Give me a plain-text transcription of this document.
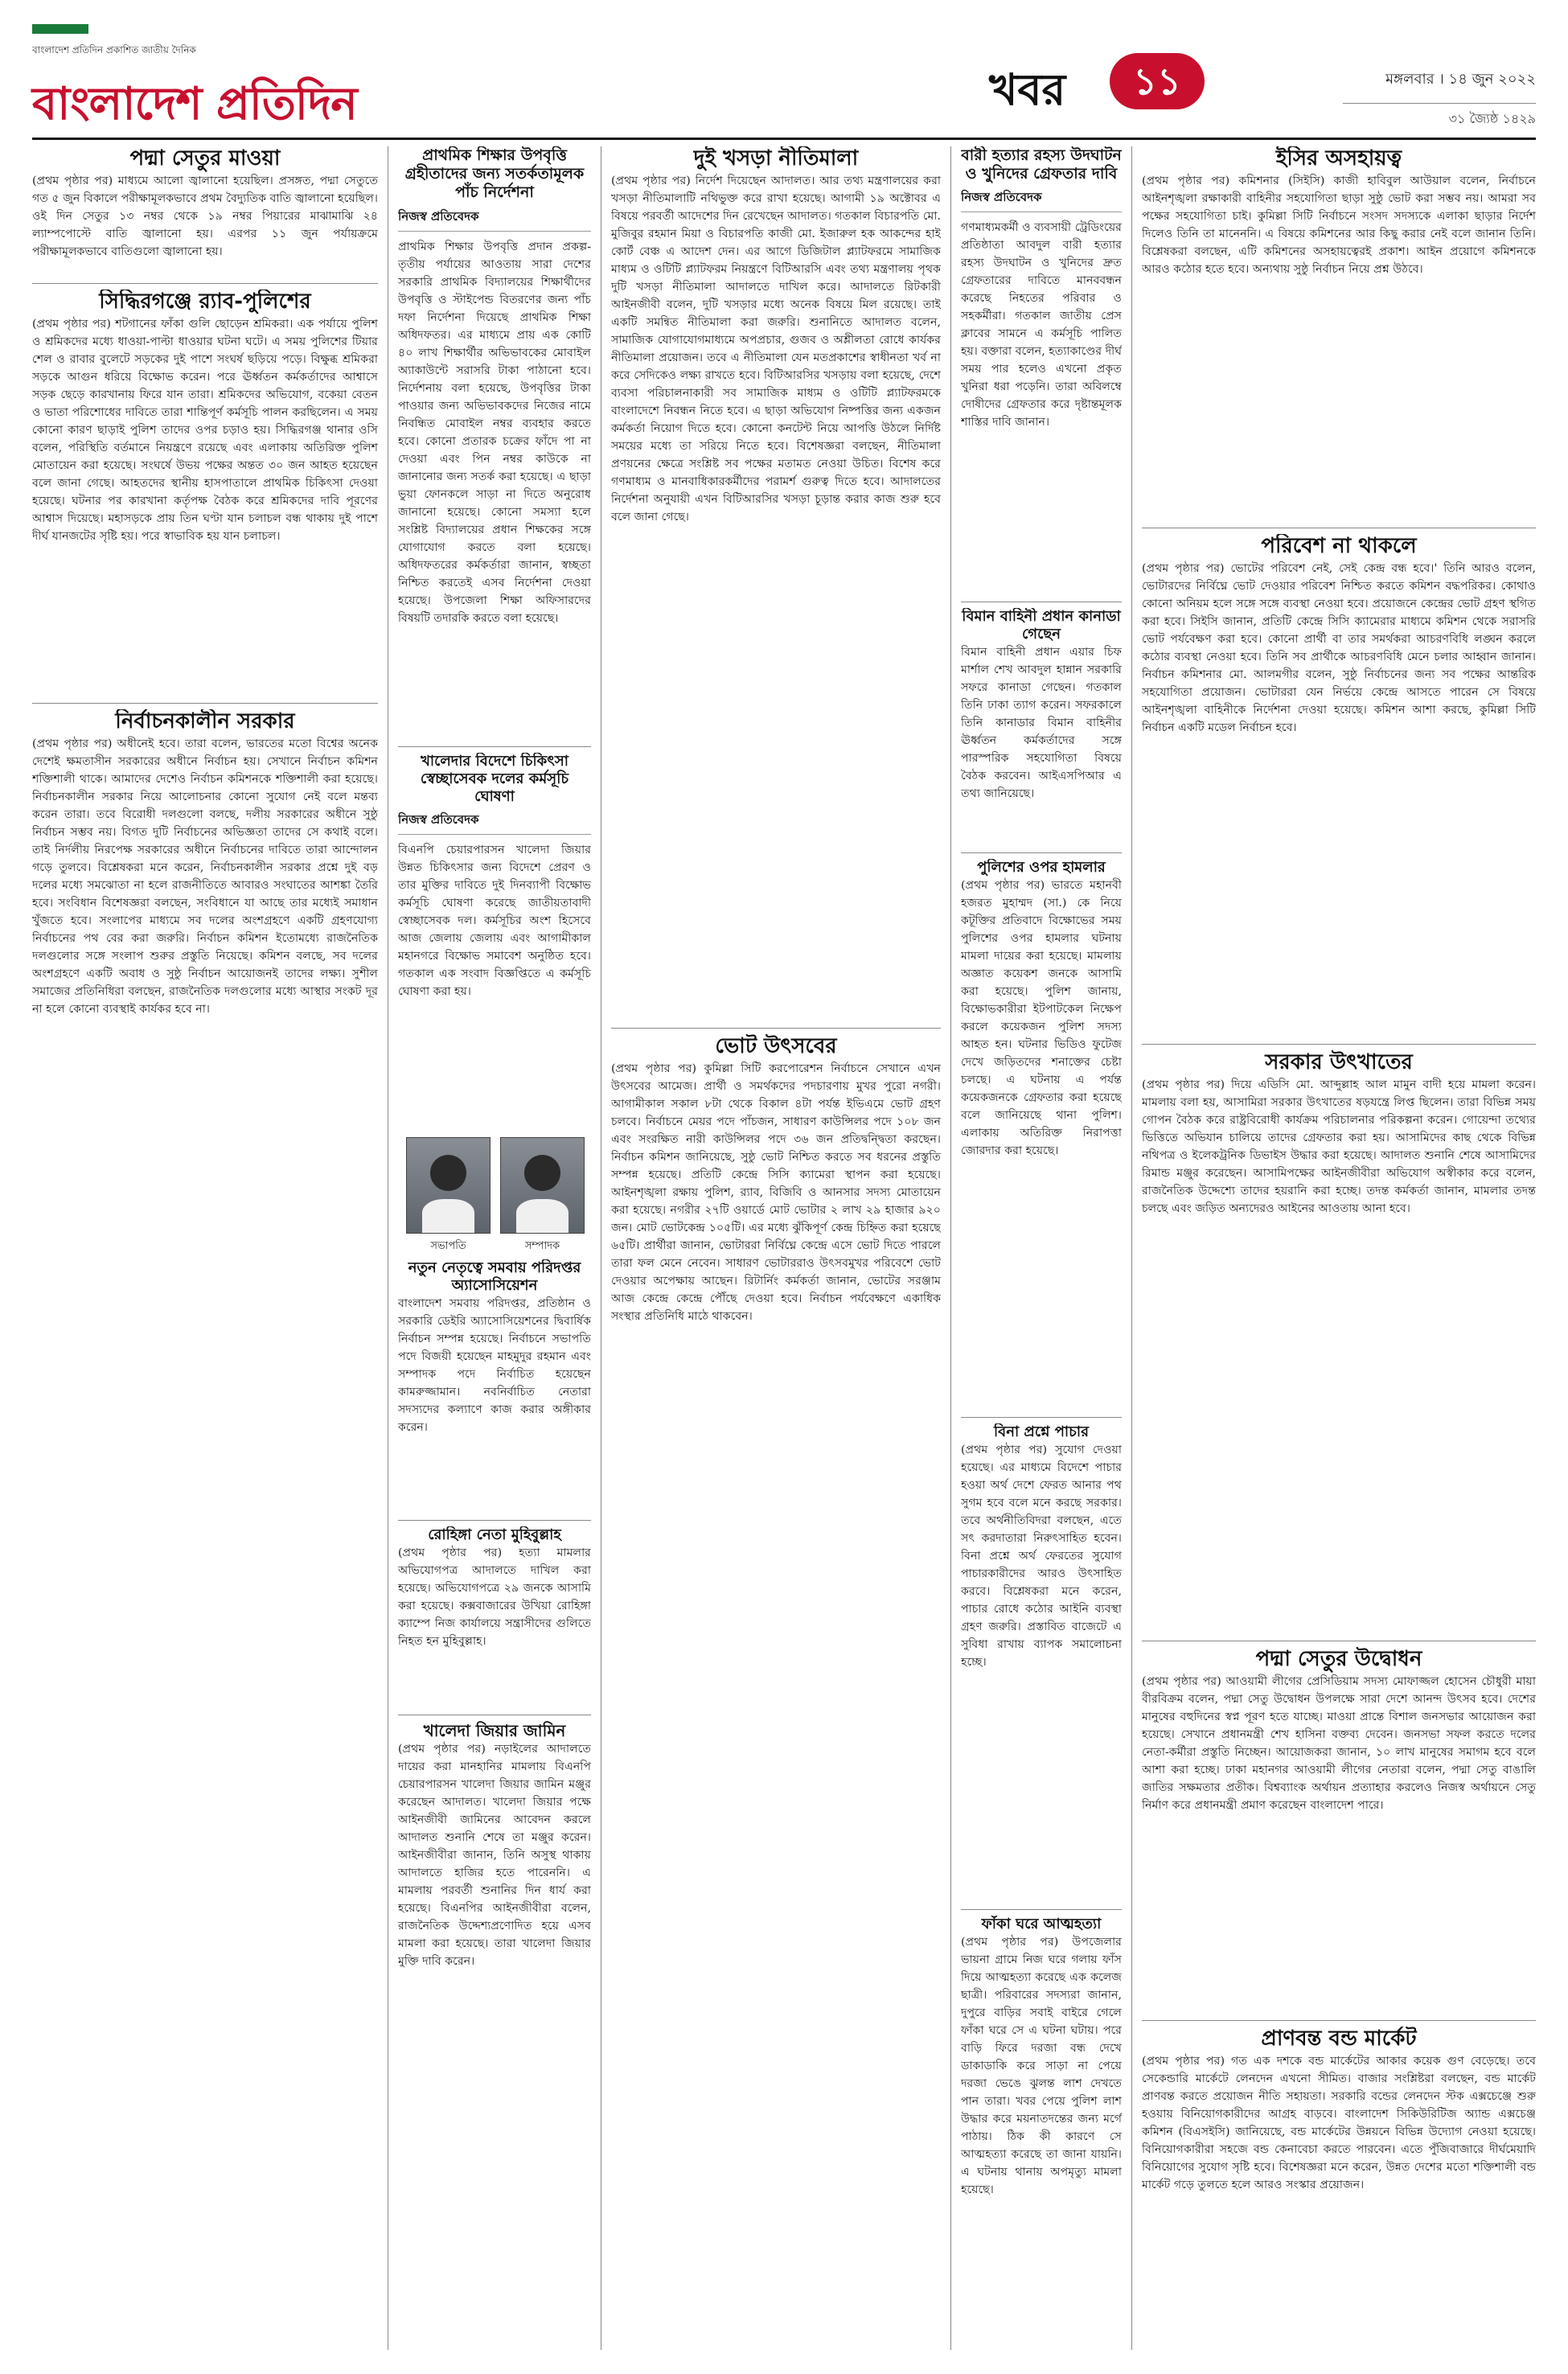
বাংলাদেশ প্রতিদিন প্রকাশিত জাতীয় দৈনিক
বাংলাদেশ প্রতিদিন	খবর	১১	মঙ্গলবার । ১৪ জুন ২০২২
৩১ জ্যৈষ্ঠ ১৪২৯
পদ্মা সেতুর মাওয়া

(প্রথম পৃষ্ঠার পর) মাধ্যমে আলো জ্বালানো হয়েছিল। প্রসঙ্গত, পদ্মা সেতুতে গত ৫ জুন বিকালে পরীক্ষামূলকভাবে প্রথম বৈদ্যুতিক বাতি জ্বালানো হয়েছিল। ওই দিন সেতুর ১৩ নম্বর থেকে ১৯ নম্বর পিয়ারের মাঝামাঝি ২৪ ল্যাম্পপোস্টে বাতি জ্বালানো হয়। এরপর ১১ জুন পর্যায়ক্রমে পরীক্ষামূলকভাবে বাতিগুলো জ্বালানো হয়।

সিদ্ধিরগঞ্জে র‍্যাব-পুলিশের

(প্রথম পৃষ্ঠার পর) শটগানের ফাঁকা গুলি ছোড়েন শ্রমিকরা। এক পর্যায়ে পুলিশ ও শ্রমিকদের মধ্যে ধাওয়া-পাল্টা ধাওয়ার ঘটনা ঘটে। এ সময় পুলিশের টিয়ার শেল ও রাবার বুলেটে সড়কের দুই পাশে সংঘর্ষ ছড়িয়ে পড়ে। বিক্ষুব্ধ শ্রমিকরা সড়কে আগুন ধরিয়ে বিক্ষোভ করেন। পরে ঊর্ধ্বতন কর্মকর্তাদের আশ্বাসে সড়ক ছেড়ে কারখানায় ফিরে যান তারা। শ্রমিকদের অভিযোগ, বকেয়া বেতন ও ভাতা পরিশোধের দাবিতে তারা শান্তিপূর্ণ কর্মসূচি পালন করছিলেন। এ সময় কোনো কারণ ছাড়াই পুলিশ তাদের ওপর চড়াও হয়। সিদ্ধিরগঞ্জ থানার ওসি বলেন, পরিস্থিতি বর্তমানে নিয়ন্ত্রণে রয়েছে এবং এলাকায় অতিরিক্ত পুলিশ মোতায়েন করা হয়েছে। সংঘর্ষে উভয় পক্ষের অন্তত ৩০ জন আহত হয়েছেন বলে জানা গেছে। আহতদের স্থানীয় হাসপাতালে প্রাথমিক চিকিৎসা দেওয়া হয়েছে। ঘটনার পর কারখানা কর্তৃপক্ষ বৈঠক করে শ্রমিকদের দাবি পূরণের আশ্বাস দিয়েছে। মহাসড়কে প্রায় তিন ঘণ্টা যান চলাচল বন্ধ থাকায় দুই পাশে দীর্ঘ যানজটের সৃষ্টি হয়। পরে স্বাভাবিক হয় যান চলাচল।

নির্বাচনকালীন সরকার

(প্রথম পৃষ্ঠার পর) অধীনেই হবে। তারা বলেন, ভারতের মতো বিশ্বের অনেক দেশেই ক্ষমতাসীন সরকারের অধীনে নির্বাচন হয়। সেখানে নির্বাচন কমিশন শক্তিশালী থাকে। আমাদের দেশেও নির্বাচন কমিশনকে শক্তিশালী করা হয়েছে। নির্বাচনকালীন সরকার নিয়ে আলোচনার কোনো সুযোগ নেই বলে মন্তব্য করেন তারা। তবে বিরোধী দলগুলো বলছে, দলীয় সরকারের অধীনে সুষ্ঠু নির্বাচন সম্ভব নয়। বিগত দুটি নির্বাচনের অভিজ্ঞতা তাদের সে কথাই বলে। তাই নির্দলীয় নিরপেক্ষ সরকারের অধীনে নির্বাচনের দাবিতে তারা আন্দোলন গড়ে তুলবে। বিশ্লেষকরা মনে করেন, নির্বাচনকালীন সরকার প্রশ্নে দুই বড় দলের মধ্যে সমঝোতা না হলে রাজনীতিতে আবারও সংঘাতের আশঙ্কা তৈরি হবে। সংবিধান বিশেষজ্ঞরা বলছেন, সংবিধানে যা আছে তার মধ্যেই সমাধান খুঁজতে হবে। সংলাপের মাধ্যমে সব দলের অংশগ্রহণে একটি গ্রহণযোগ্য নির্বাচনের পথ বের করা জরুরি। নির্বাচন কমিশন ইতোমধ্যে রাজনৈতিক দলগুলোর সঙ্গে সংলাপ শুরুর প্রস্তুতি নিয়েছে। কমিশন বলছে, সব দলের অংশগ্রহণে একটি অবাধ ও সুষ্ঠু নির্বাচন আয়োজনই তাদের লক্ষ্য। সুশীল সমাজের প্রতিনিধিরা বলছেন, রাজনৈতিক দলগুলোর মধ্যে আস্থার সংকট দূর না হলে কোনো ব্যবস্থাই কার্যকর হবে না।

প্রাথমিক শিক্ষার উপবৃত্তি গ্রহীতাদের জন্য সতর্কতামূলক পাঁচ নির্দেশনা
নিজস্ব প্রতিবেদক

প্রাথমিক শিক্ষার উপবৃত্তি প্রদান প্রকল্প-তৃতীয় পর্যায়ের আওতায় সারা দেশের সরকারি প্রাথমিক বিদ্যালয়ের শিক্ষার্থীদের উপবৃত্তি ও স্টাইপেন্ড বিতরণের জন্য পাঁচ দফা নির্দেশনা দিয়েছে প্রাথমিক শিক্ষা অধিদফতর। এর মাধ্যমে প্রায় এক কোটি ৪০ লাখ শিক্ষার্থীর অভিভাবকের মোবাইল অ্যাকাউন্টে সরাসরি টাকা পাঠানো হবে। নির্দেশনায় বলা হয়েছে, উপবৃত্তির টাকা পাওয়ার জন্য অভিভাবকদের নিজের নামে নিবন্ধিত মোবাইল নম্বর ব্যবহার করতে হবে। কোনো প্রতারক চক্রের ফাঁদে পা না দেওয়া এবং পিন নম্বর কাউকে না জানানোর জন্য সতর্ক করা হয়েছে। এ ছাড়া ভুয়া ফোনকলে সাড়া না দিতে অনুরোধ জানানো হয়েছে। কোনো সমস্যা হলে সংশ্লিষ্ট বিদ্যালয়ের প্রধান শিক্ষকের সঙ্গে যোগাযোগ করতে বলা হয়েছে। অধিদফতরের কর্মকর্তারা জানান, স্বচ্ছতা নিশ্চিত করতেই এসব নির্দেশনা দেওয়া হয়েছে। উপজেলা শিক্ষা অফিসারদের বিষয়টি তদারকি করতে বলা হয়েছে।

খালেদার বিদেশে চিকিৎসা স্বেচ্ছাসেবক দলের কর্মসূচি ঘোষণা
নিজস্ব প্রতিবেদক

বিএনপি চেয়ারপারসন খালেদা জিয়ার উন্নত চিকিৎসার জন্য বিদেশে প্রেরণ ও তার মুক্তির দাবিতে দুই দিনব্যাপী বিক্ষোভ কর্মসূচি ঘোষণা করেছে জাতীয়তাবাদী স্বেচ্ছাসেবক দল। কর্মসূচির অংশ হিসেবে আজ জেলায় জেলায় এবং আগামীকাল মহানগরে বিক্ষোভ সমাবেশ অনুষ্ঠিত হবে। গতকাল এক সংবাদ বিজ্ঞপ্তিতে এ কর্মসূচি ঘোষণা করা হয়।

সভাপতি	সম্পাদক
নতুন নেতৃত্বে সমবায় পরিদপ্তর অ্যাসোসিয়েশন

বাংলাদেশ সমবায় পরিদপ্তর, প্রতিষ্ঠান ও সরকারি ডেইরি অ্যাসোসিয়েশনের দ্বিবার্ষিক নির্বাচন সম্পন্ন হয়েছে। নির্বাচনে সভাপতি পদে বিজয়ী হয়েছেন মাহমুদুর রহমান এবং সম্পাদক পদে নির্বাচিত হয়েছেন কামরুজ্জামান। নবনির্বাচিত নেতারা সদস্যদের কল্যাণে কাজ করার অঙ্গীকার করেন।

রোহিঙ্গা নেতা মুহিবুল্লাহ

(প্রথম পৃষ্ঠার পর) হত্যা মামলার অভিযোগপত্র আদালতে দাখিল করা হয়েছে। অভিযোগপত্রে ২৯ জনকে আসামি করা হয়েছে। কক্সবাজারের উখিয়া রোহিঙ্গা ক্যাম্পে নিজ কার্যালয়ে সন্ত্রাসীদের গুলিতে নিহত হন মুহিবুল্লাহ।

খালেদা জিয়ার জামিন

(প্রথম পৃষ্ঠার পর) নড়াইলের আদালতে দায়ের করা মানহানির মামলায় বিএনপি চেয়ারপারসন খালেদা জিয়ার জামিন মঞ্জুর করেছেন আদালত। খালেদা জিয়ার পক্ষে আইনজীবী জামিনের আবেদন করলে আদালত শুনানি শেষে তা মঞ্জুর করেন। আইনজীবীরা জানান, তিনি অসুস্থ থাকায় আদালতে হাজির হতে পারেননি। এ মামলায় পরবর্তী শুনানির দিন ধার্য করা হয়েছে। বিএনপির আইনজীবীরা বলেন, রাজনৈতিক উদ্দেশ্যপ্রণোদিত হয়ে এসব মামলা করা হয়েছে। তারা খালেদা জিয়ার মুক্তি দাবি করেন।

দুই খসড়া নীতিমালা

(প্রথম পৃষ্ঠার পর) নির্দেশ দিয়েছেন আদালত। আর তথ্য মন্ত্রণালয়ের করা খসড়া নীতিমালাটি নথিভুক্ত করে রাখা হয়েছে। আগামী ১৯ অক্টোবর এ বিষয়ে পরবর্তী আদেশের দিন রেখেছেন আদালত। গতকাল বিচারপতি মো. মুজিবুর রহমান মিয়া ও বিচারপতি কাজী মো. ইজারুল হক আকন্দের হাই কোর্ট বেঞ্চ এ আদেশ দেন। এর আগে ডিজিটাল প্ল্যাটফরমে সামাজিক মাধ্যম ও ওটিটি প্ল্যাটফরম নিয়ন্ত্রণে বিটিআরসি এবং তথ্য মন্ত্রণালয় পৃথক দুটি খসড়া নীতিমালা আদালতে দাখিল করে। আদালতে রিটকারী আইনজীবী বলেন, দুটি খসড়ার মধ্যে অনেক বিষয়ে মিল রয়েছে। তাই একটি সমন্বিত নীতিমালা করা জরুরি। শুনানিতে আদালত বলেন, সামাজিক যোগাযোগমাধ্যমে অপপ্রচার, গুজব ও অশ্লীলতা রোধে কার্যকর নীতিমালা প্রয়োজন। তবে এ নীতিমালা যেন মতপ্রকাশের স্বাধীনতা খর্ব না করে সেদিকেও লক্ষ্য রাখতে হবে। বিটিআরসির খসড়ায় বলা হয়েছে, দেশে ব্যবসা পরিচালনাকারী সব সামাজিক মাধ্যম ও ওটিটি প্ল্যাটফরমকে বাংলাদেশে নিবন্ধন নিতে হবে। এ ছাড়া অভিযোগ নিষ্পত্তির জন্য একজন কর্মকর্তা নিয়োগ দিতে হবে। কোনো কনটেন্ট নিয়ে আপত্তি উঠলে নির্দিষ্ট সময়ের মধ্যে তা সরিয়ে নিতে হবে। বিশেষজ্ঞরা বলছেন, নীতিমালা প্রণয়নের ক্ষেত্রে সংশ্লিষ্ট সব পক্ষের মতামত নেওয়া উচিত। বিশেষ করে গণমাধ্যম ও মানবাধিকারকর্মীদের পরামর্শ গুরুত্ব দিতে হবে। আদালতের নির্দেশনা অনুযায়ী এখন বিটিআরসির খসড়া চূড়ান্ত করার কাজ শুরু হবে বলে জানা গেছে।

ভোট উৎসবের

(প্রথম পৃষ্ঠার পর) কুমিল্লা সিটি করপোরেশন নির্বাচনে সেখানে এখন উৎসবের আমেজ। প্রার্থী ও সমর্থকদের পদচারণায় মুখর পুরো নগরী। আগামীকাল সকাল ৮টা থেকে বিকাল ৪টা পর্যন্ত ইভিএমে ভোট গ্রহণ চলবে। নির্বাচনে মেয়র পদে পাঁচজন, সাধারণ কাউন্সিলর পদে ১০৮ জন এবং সংরক্ষিত নারী কাউন্সিলর পদে ৩৬ জন প্রতিদ্বন্দ্বিতা করছেন। নির্বাচন কমিশন জানিয়েছে, সুষ্ঠু ভোট নিশ্চিত করতে সব ধরনের প্রস্তুতি সম্পন্ন হয়েছে। প্রতিটি কেন্দ্রে সিসি ক্যামেরা স্থাপন করা হয়েছে। আইনশৃঙ্খলা রক্ষায় পুলিশ, র‍্যাব, বিজিবি ও আনসার সদস্য মোতায়েন করা হয়েছে। নগরীর ২৭টি ওয়ার্ডে মোট ভোটার ২ লাখ ২৯ হাজার ৯২০ জন। মোট ভোটকেন্দ্র ১০৫টি। এর মধ্যে ঝুঁকিপূর্ণ কেন্দ্র চিহ্নিত করা হয়েছে ৬৫টি। প্রার্থীরা জানান, ভোটাররা নির্বিঘ্নে কেন্দ্রে এসে ভোট দিতে পারলে তারা ফল মেনে নেবেন। সাধারণ ভোটাররাও উৎসবমুখর পরিবেশে ভোট দেওয়ার অপেক্ষায় আছেন। রিটার্নিং কর্মকর্তা জানান, ভোটের সরঞ্জাম আজ কেন্দ্রে কেন্দ্রে পৌঁছে দেওয়া হবে। নির্বাচন পর্যবেক্ষণে একাধিক সংস্থার প্রতিনিধি মাঠে থাকবেন।

বারী হত্যার রহস্য উদঘাটন ও খুনিদের গ্রেফতার দাবি
নিজস্ব প্রতিবেদক

গণমাধ্যমকর্মী ও ব্যবসায়ী ট্রেডিংয়ের প্রতিষ্ঠাতা আবদুল বারী হত্যার রহস্য উদঘাটন ও খুনিদের দ্রুত গ্রেফতারের দাবিতে মানববন্ধন করেছে নিহতের পরিবার ও সহকর্মীরা। গতকাল জাতীয় প্রেস ক্লাবের সামনে এ কর্মসূচি পালিত হয়। বক্তারা বলেন, হত্যাকাণ্ডের দীর্ঘ সময় পার হলেও এখনো প্রকৃত খুনিরা ধরা পড়েনি। তারা অবিলম্বে দোষীদের গ্রেফতার করে দৃষ্টান্তমূলক শাস্তির দাবি জানান।

বিমান বাহিনী প্রধান কানাডা গেছেন

বিমান বাহিনী প্রধান এয়ার চিফ মার্শাল শেখ আবদুল হান্নান সরকারি সফরে কানাডা গেছেন। গতকাল তিনি ঢাকা ত্যাগ করেন। সফরকালে তিনি কানাডার বিমান বাহিনীর ঊর্ধ্বতন কর্মকর্তাদের সঙ্গে পারস্পরিক সহযোগিতা বিষয়ে বৈঠক করবেন। আইএসপিআর এ তথ্য জানিয়েছে।

পুলিশের ওপর হামলার

(প্রথম পৃষ্ঠার পর) ভারতে মহানবী হজরত মুহাম্মদ (সা.) কে নিয়ে কটূক্তির প্রতিবাদে বিক্ষোভের সময় পুলিশের ওপর হামলার ঘটনায় মামলা দায়ের করা হয়েছে। মামলায় অজ্ঞাত কয়েকশ জনকে আসামি করা হয়েছে। পুলিশ জানায়, বিক্ষোভকারীরা ইটপাটকেল নিক্ষেপ করলে কয়েকজন পুলিশ সদস্য আহত হন। ঘটনার ভিডিও ফুটেজ দেখে জড়িতদের শনাক্তের চেষ্টা চলছে। এ ঘটনায় এ পর্যন্ত কয়েকজনকে গ্রেফতার করা হয়েছে বলে জানিয়েছে থানা পুলিশ। এলাকায় অতিরিক্ত নিরাপত্তা জোরদার করা হয়েছে।

বিনা প্রশ্নে পাচার

(প্রথম পৃষ্ঠার পর) সুযোগ দেওয়া হয়েছে। এর মাধ্যমে বিদেশে পাচার হওয়া অর্থ দেশে ফেরত আনার পথ সুগম হবে বলে মনে করছে সরকার। তবে অর্থনীতিবিদরা বলছেন, এতে সৎ করদাতারা নিরুৎসাহিত হবেন। বিনা প্রশ্নে অর্থ ফেরতের সুযোগ পাচারকারীদের আরও উৎসাহিত করবে। বিশ্লেষকরা মনে করেন, পাচার রোধে কঠোর আইনি ব্যবস্থা গ্রহণ জরুরি। প্রস্তাবিত বাজেটে এ সুবিধা রাখায় ব্যাপক সমালোচনা হচ্ছে।

ফাঁকা ঘরে আত্মহত্যা

(প্রথম পৃষ্ঠার পর) উপজেলার ভায়না গ্রামে নিজ ঘরে গলায় ফাঁস দিয়ে আত্মহত্যা করেছে এক কলেজ ছাত্রী। পরিবারের সদস্যরা জানান, দুপুরে বাড়ির সবাই বাইরে গেলে ফাঁকা ঘরে সে এ ঘটনা ঘটায়। পরে বাড়ি ফিরে দরজা বন্ধ দেখে ডাকাডাকি করে সাড়া না পেয়ে দরজা ভেঙে ঝুলন্ত লাশ দেখতে পান তারা। খবর পেয়ে পুলিশ লাশ উদ্ধার করে ময়নাতদন্তের জন্য মর্গে পাঠায়। ঠিক কী কারণে সে আত্মহত্যা করেছে তা জানা যায়নি। এ ঘটনায় থানায় অপমৃত্যু মামলা হয়েছে।

ইসির অসহায়ত্ব

(প্রথম পৃষ্ঠার পর) কমিশনার (সিইসি) কাজী হাবিবুল আউয়াল বলেন, নির্বাচনে আইনশৃঙ্খলা রক্ষাকারী বাহিনীর সহযোগিতা ছাড়া সুষ্ঠু ভোট করা সম্ভব নয়। আমরা সব পক্ষের সহযোগিতা চাই। কুমিল্লা সিটি নির্বাচনে সংসদ সদস্যকে এলাকা ছাড়ার নির্দেশ দিলেও তিনি তা মানেননি। এ বিষয়ে কমিশনের আর কিছু করার নেই বলে জানান তিনি। বিশ্লেষকরা বলছেন, এটি কমিশনের অসহায়ত্বেরই প্রকাশ। আইন প্রয়োগে কমিশনকে আরও কঠোর হতে হবে। অন্যথায় সুষ্ঠু নির্বাচন নিয়ে প্রশ্ন উঠবে।

পরিবেশ না থাকলে

(প্রথম পৃষ্ঠার পর) ভোটের পরিবেশ নেই, সেই কেন্দ্র বন্ধ হবে।' তিনি আরও বলেন, ভোটারদের নির্বিঘ্নে ভোট দেওয়ার পরিবেশ নিশ্চিত করতে কমিশন বদ্ধপরিকর। কোথাও কোনো অনিয়ম হলে সঙ্গে সঙ্গে ব্যবস্থা নেওয়া হবে। প্রয়োজনে কেন্দ্রের ভোট গ্রহণ স্থগিত করা হবে। সিইসি জানান, প্রতিটি কেন্দ্রে সিসি ক্যামেরার মাধ্যমে কমিশন থেকে সরাসরি ভোট পর্যবেক্ষণ করা হবে। কোনো প্রার্থী বা তার সমর্থকরা আচরণবিধি লঙ্ঘন করলে কঠোর ব্যবস্থা নেওয়া হবে। তিনি সব প্রার্থীকে আচরণবিধি মেনে চলার আহ্বান জানান। নির্বাচন কমিশনার মো. আলমগীর বলেন, সুষ্ঠু নির্বাচনের জন্য সব পক্ষের আন্তরিক সহযোগিতা প্রয়োজন। ভোটাররা যেন নির্ভয়ে কেন্দ্রে আসতে পারেন সে বিষয়ে আইনশৃঙ্খলা বাহিনীকে নির্দেশনা দেওয়া হয়েছে। কমিশন আশা করছে, কুমিল্লা সিটি নির্বাচন একটি মডেল নির্বাচন হবে।

সরকার উৎখাতের

(প্রথম পৃষ্ঠার পর) দিয়ে এডিসি মো. আব্দুল্লাহ আল মামুন বাদী হয়ে মামলা করেন। মামলায় বলা হয়, আসামিরা সরকার উৎখাতের ষড়যন্ত্রে লিপ্ত ছিলেন। তারা বিভিন্ন সময় গোপন বৈঠক করে রাষ্ট্রবিরোধী কার্যক্রম পরিচালনার পরিকল্পনা করেন। গোয়েন্দা তথ্যের ভিত্তিতে অভিযান চালিয়ে তাদের গ্রেফতার করা হয়। আসামিদের কাছ থেকে বিভিন্ন নথিপত্র ও ইলেকট্রনিক ডিভাইস উদ্ধার করা হয়েছে। আদালত শুনানি শেষে আসামিদের রিমান্ড মঞ্জুর করেছেন। আসামিপক্ষের আইনজীবীরা অভিযোগ অস্বীকার করে বলেন, রাজনৈতিক উদ্দেশ্যে তাদের হয়রানি করা হচ্ছে। তদন্ত কর্মকর্তা জানান, মামলার তদন্ত চলছে এবং জড়িত অন্যদেরও আইনের আওতায় আনা হবে।

পদ্মা সেতুর উদ্বোধন

(প্রথম পৃষ্ঠার পর) আওয়ামী লীগের প্রেসিডিয়াম সদস্য মোফাজ্জল হোসেন চৌধুরী মায়া বীরবিক্রম বলেন, পদ্মা সেতু উদ্বোধন উপলক্ষে সারা দেশে আনন্দ উৎসব হবে। দেশের মানুষের বহুদিনের স্বপ্ন পূরণ হতে যাচ্ছে। মাওয়া প্রান্তে বিশাল জনসভার আয়োজন করা হয়েছে। সেখানে প্রধানমন্ত্রী শেখ হাসিনা বক্তব্য দেবেন। জনসভা সফল করতে দলের নেতা-কর্মীরা প্রস্তুতি নিচ্ছেন। আয়োজকরা জানান, ১০ লাখ মানুষের সমাগম হবে বলে আশা করা হচ্ছে। ঢাকা মহানগর আওয়ামী লীগের নেতারা বলেন, পদ্মা সেতু বাঙালি জাতির সক্ষমতার প্রতীক। বিশ্বব্যাংক অর্থায়ন প্রত্যাহার করলেও নিজস্ব অর্থায়নে সেতু নির্মাণ করে প্রধানমন্ত্রী প্রমাণ করেছেন বাংলাদেশ পারে।

প্রাণবন্ত বন্ড মার্কেট

(প্রথম পৃষ্ঠার পর) গত এক দশকে বন্ড মার্কেটের আকার কয়েক গুণ বেড়েছে। তবে সেকেন্ডারি মার্কেটে লেনদেন এখনো সীমিত। বাজার সংশ্লিষ্টরা বলছেন, বন্ড মার্কেট প্রাণবন্ত করতে প্রয়োজন নীতি সহায়তা। সরকারি বন্ডের লেনদেন স্টক এক্সচেঞ্জে শুরু হওয়ায় বিনিয়োগকারীদের আগ্রহ বাড়বে। বাংলাদেশ সিকিউরিটিজ অ্যান্ড এক্সচেঞ্জ কমিশন (বিএসইসি) জানিয়েছে, বন্ড মার্কেটের উন্নয়নে বিভিন্ন উদ্যোগ নেওয়া হয়েছে। বিনিয়োগকারীরা সহজে বন্ড কেনাবেচা করতে পারবেন। এতে পুঁজিবাজারে দীর্ঘমেয়াদি বিনিয়োগের সুযোগ সৃষ্টি হবে। বিশেষজ্ঞরা মনে করেন, উন্নত দেশের মতো শক্তিশালী বন্ড মার্কেট গড়ে তুলতে হলে আরও সংস্কার প্রয়োজন।
